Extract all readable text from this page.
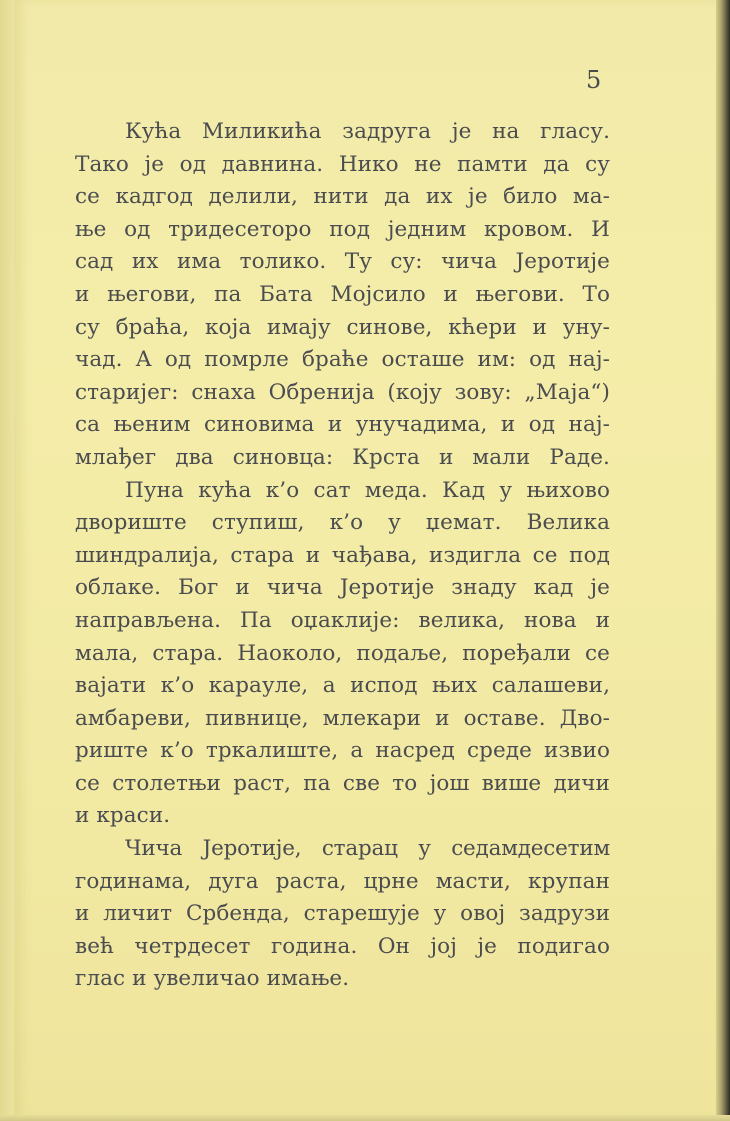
5
Кућа Миликића задруга је на гласу.
Тако је од давнина. Нико не памти да су
се кадгод делили, нити да их је било ма-
ње од тридесеторо под једним кровом. И
сад их има толико. Ту су: чича Јеротије
и његови, па Бата Мојсило и његови. То
су браћа, која имају синове, кћери и уну-
чад. А од помрле браће осташе им: од нај-
старијег: снаха Обренија (коју зову: „Маја“)
са њеним синовима и унучадима, и од нај-
млађег два синовца: Крста и мали Раде.
Пуна кућа к’о сат меда. Кад у њихово
двориште ступиш, к’о у џемат. Велика
шиндралија, стара и чађава, издигла се под
облаке. Бог и чича Јеротије знаду кад је
направљена. Па оџаклије: велика, нова и
мала, стара. Наоколо, подаље, поређали се
вајати к’о карауле, а испод њих салашеви,
амбареви, пивнице, млекари и оставе. Дво-
риште к’о тркалиште, а насред среде извио
се столетњи раст, па све то још више дичи
и краси.
Чича Јеротије, старац у седамдесетим
годинама, дуга раста, црне масти, крупан
и личит Србенда, старешује у овој задрузи
већ четрдесет година. Он јој је подигао
глас и увеличао имање.
